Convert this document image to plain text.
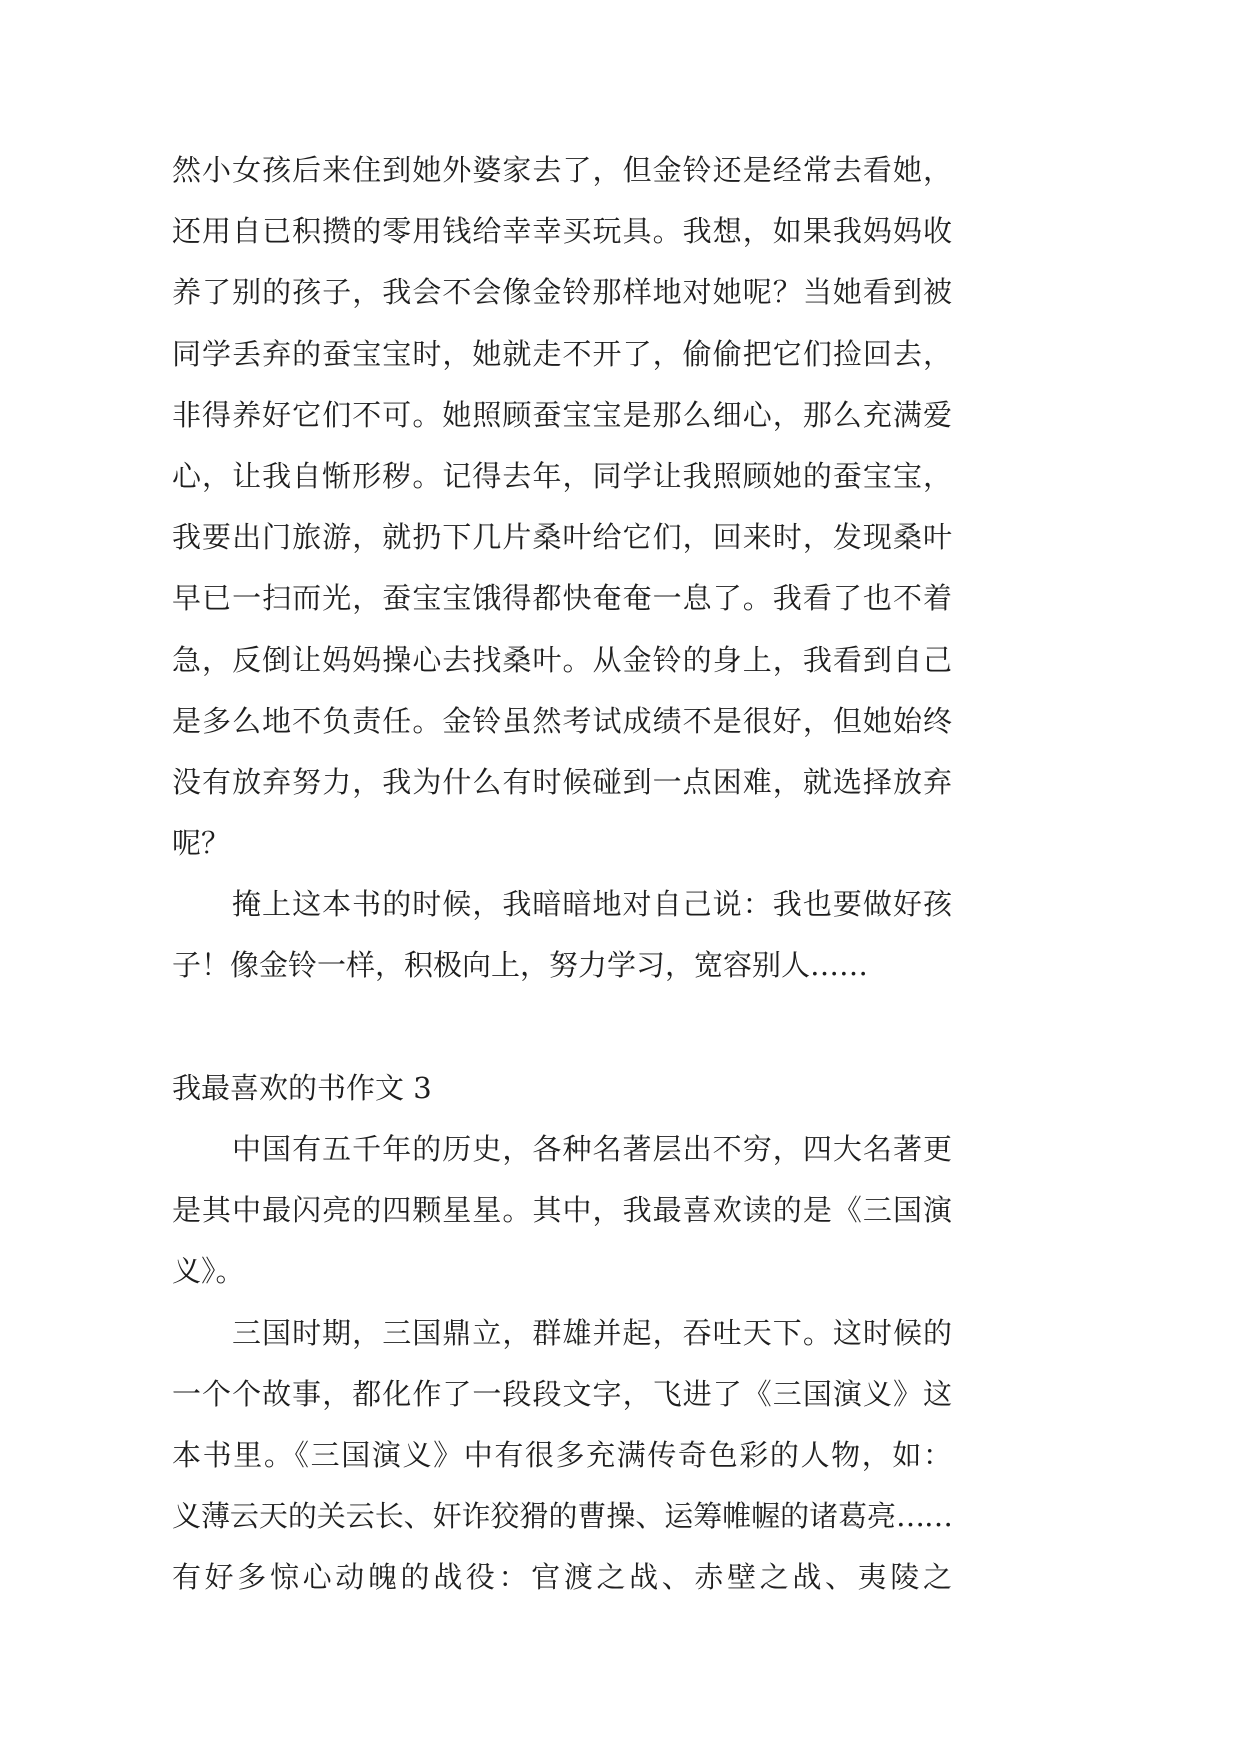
然小女孩后来住到她外婆家去了，但金铃还是经常去看她，
还用自已积攒的零用钱给幸幸买玩具。我想，如果我妈妈收
养了别的孩子，我会不会像金铃那样地对她呢？当她看到被
同学丢弃的蚕宝宝时，她就走不开了，偷偷把它们捡回去，
非得养好它们不可。她照顾蚕宝宝是那么细心，那么充满爱
心，让我自惭形秽。记得去年，同学让我照顾她的蚕宝宝，
我要出门旅游，就扔下几片桑叶给它们，回来时，发现桑叶
早已一扫而光，蚕宝宝饿得都快奄奄一息了。我看了也不着
急，反倒让妈妈操心去找桑叶。从金铃的身上，我看到自己
是多么地不负责任。金铃虽然考试成绩不是很好，但她始终
没有放弃努力，我为什么有时候碰到一点困难，就选择放弃
呢？
掩上这本书的时候，我暗暗地对自己说：我也要做好孩
子！像金铃一样，积极向上，努力学习，宽容别人……
我最喜欢的书作文 3
中国有五千年的历史，各种名著层出不穷，四大名著更
是其中最闪亮的四颗星星。其中，我最喜欢读的是《三国演
义》。
三国时期，三国鼎立，群雄并起，吞吐天下。这时候的
一个个故事，都化作了一段段文字，飞进了《三国演义》这
本书里。《三国演义》中有很多充满传奇色彩的人物，如：
义薄云天的关云长、奸诈狡猾的曹操、运筹帷幄的诸葛亮……
有好多惊心动魄的战役：官渡之战、赤壁之战、夷陵之
